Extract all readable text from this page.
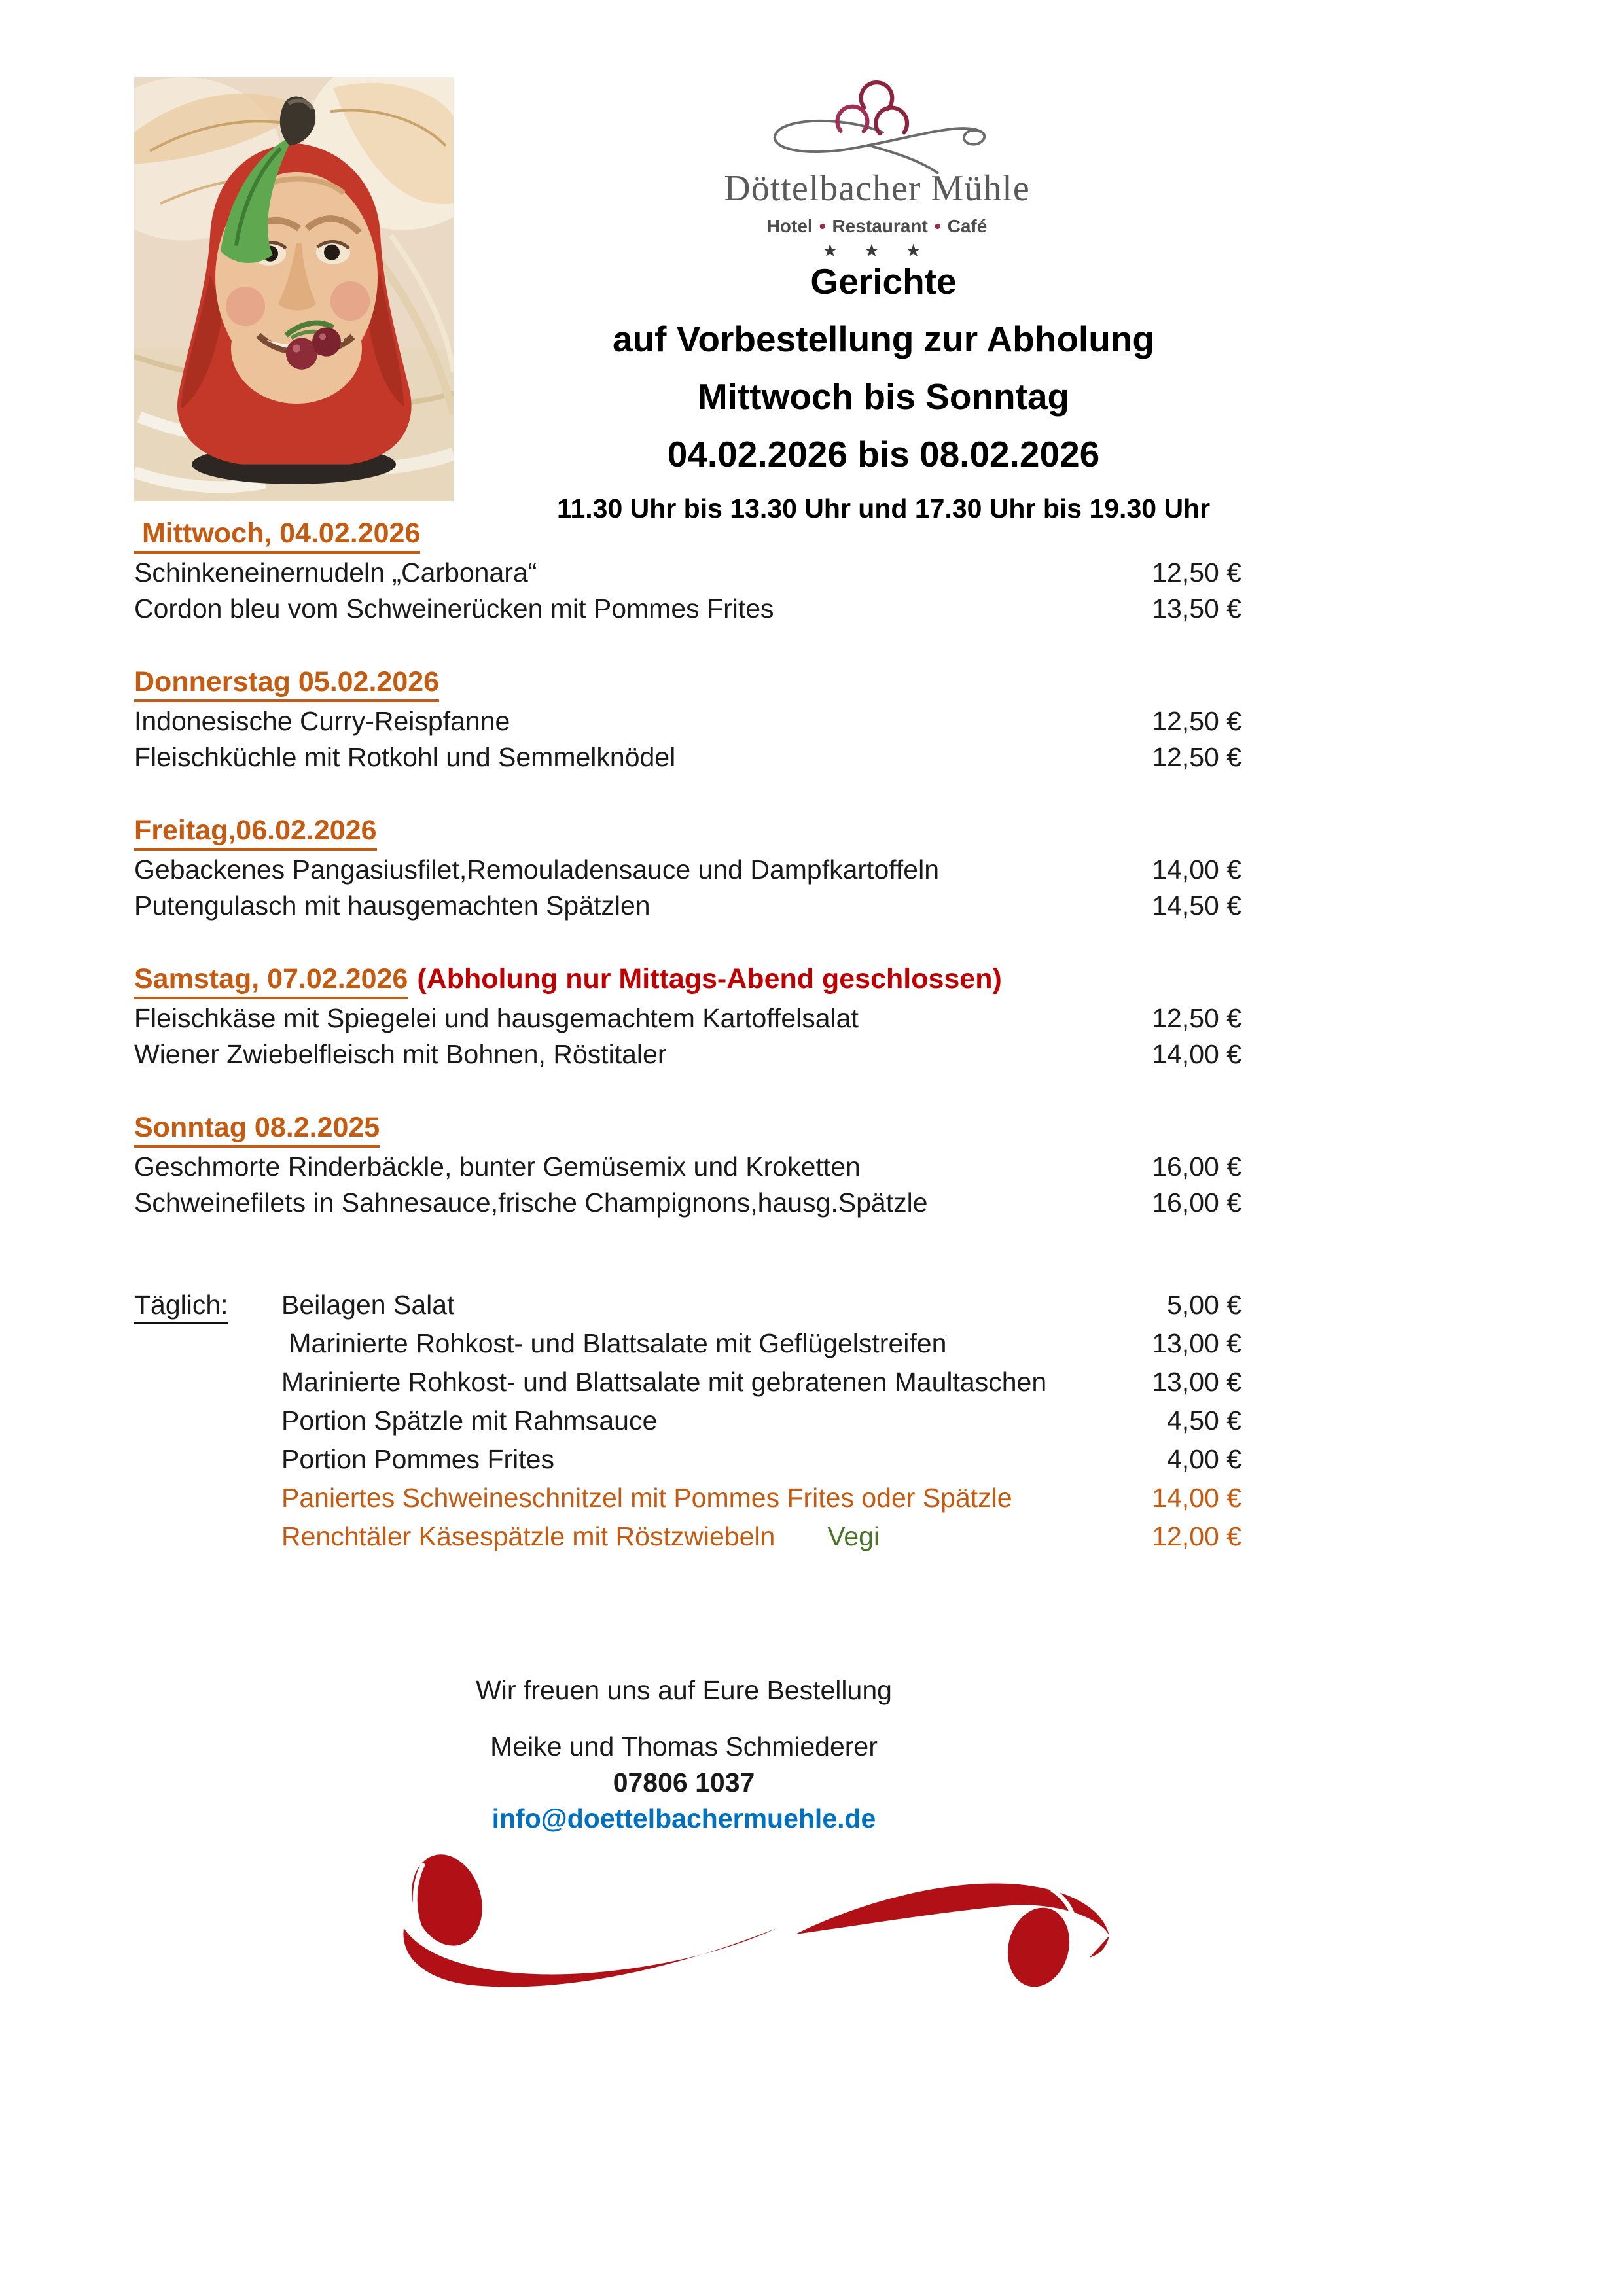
Döttelbacher Mühle
Hotel • Restaurant • Café
★ ★ ★
Gerichte
auf Vorbestellung zur Abholung
Mittwoch bis Sonntag
04.02.2026 bis 08.02.2026
11.30 Uhr bis 13.30 Uhr und 17.30 Uhr bis 19.30 Uhr
Mittwoch, 04.02.2026
Schinkeneinernudeln „Carbonara“	12,50 €
Cordon bleu vom Schweinerücken mit Pommes Frites	13,50 €
Donnerstag 05.02.2026
Indonesische Curry-Reispfanne	12,50 €
Fleischküchle mit Rotkohl und Semmelknödel	12,50 €
Freitag,06.02.2026
Gebackenes Pangasiusfilet,Remouladensauce und Dampfkartoffeln	14,00 €
Putengulasch mit hausgemachten Spätzlen	14,50 €
Samstag, 07.02.2026 (Abholung nur Mittags-Abend geschlossen)
Fleischkäse mit Spiegelei und hausgemachtem Kartoffelsalat	12,50 €
Wiener Zwiebelfleisch mit Bohnen, Röstitaler	14,00 €
Sonntag 08.2.2025
Geschmorte Rinderbäckle, bunter Gemüsemix und Kroketten	16,00 €
Schweinefilets in Sahnesauce,frische Champignons,hausg.Spätzle	16,00 €
Täglich:	Beilagen Salat	5,00 €
Marinierte Rohkost- und Blattsalate mit Geflügelstreifen	13,00 €
Marinierte Rohkost- und Blattsalate mit gebratenen Maultaschen	13,00 €
Portion Spätzle mit Rahmsauce	4,50 €
Portion Pommes Frites	4,00 €
Paniertes Schweineschnitzel mit Pommes Frites oder Spätzle	14,00 €
Renchtäler Käsespätzle mit Röstzwiebeln Vegi	12,00 €
Wir freuen uns auf Eure Bestellung
Meike und Thomas Schmiederer
07806 1037
info@doettelbachermuehle.de
